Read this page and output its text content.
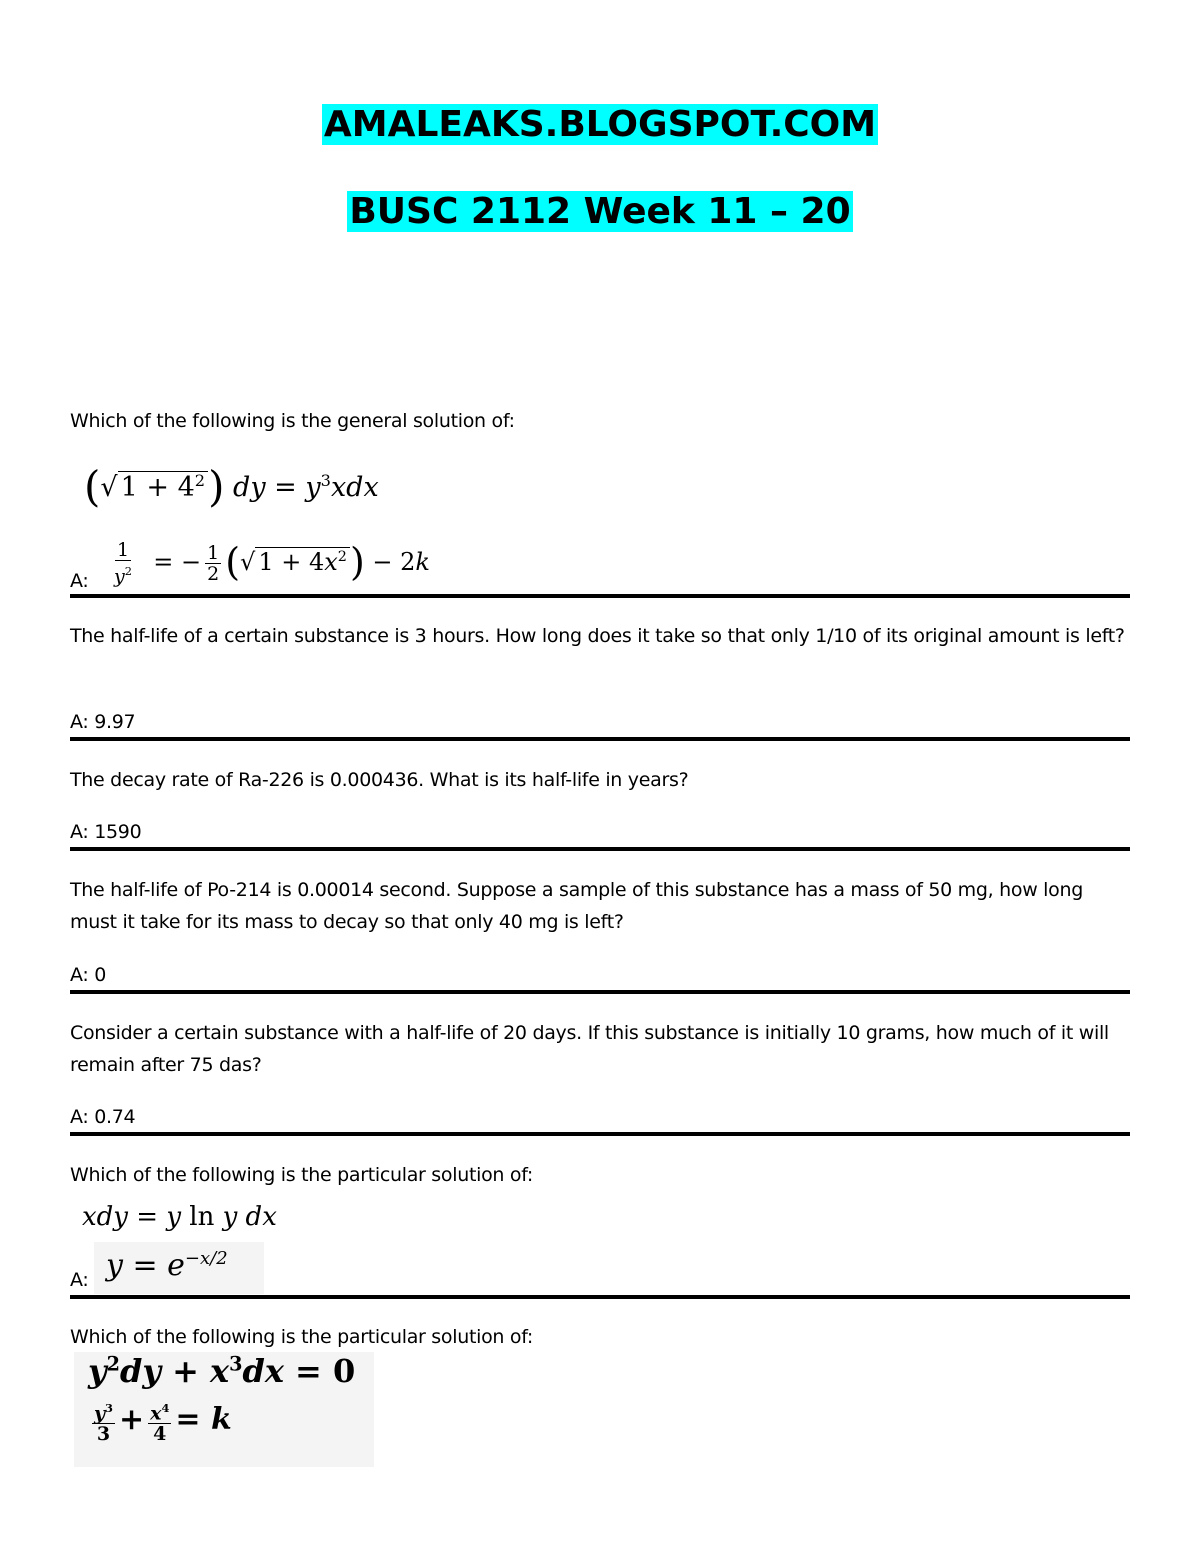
AMALEAKS.BLOGSPOT.COM
BUSC 2112 Week 11 – 20
Which of the following is the general solution of:
(√ $1 + 4^2$) dy = $y^3xdx$
A:	$\frac{1}{y^2}$ = − $\frac{1}{2}$ (√ $1 + 4x^2) - 2k$
The half-life of a certain substance is 3 hours. How long does it take so that only 1/10 of its original amount is left?
A: 9.97
The decay rate of Ra-226 is 0.000436. What is its half-life in years?
A: 1590
The half-life of Po-214 is 0.00014 second. Suppose a sample of this substance has a mass of 50 mg, how long must it take for its mass to decay so that only 40 mg is left?
A: 0
Consider a certain substance with a half-life of 20 days. If this substance is initially 10 grams, how much of it will remain after 75 das?
A: 0.74
Which of the following is the particular solution of:
xdy = y ln y dx
A: $y = e^{-x/2}$
Which of the following is the particular solution of:
$y^2dy + x^3dx = 0$
$\frac{y^3}{3} + \frac{x^4}{4} = k$
